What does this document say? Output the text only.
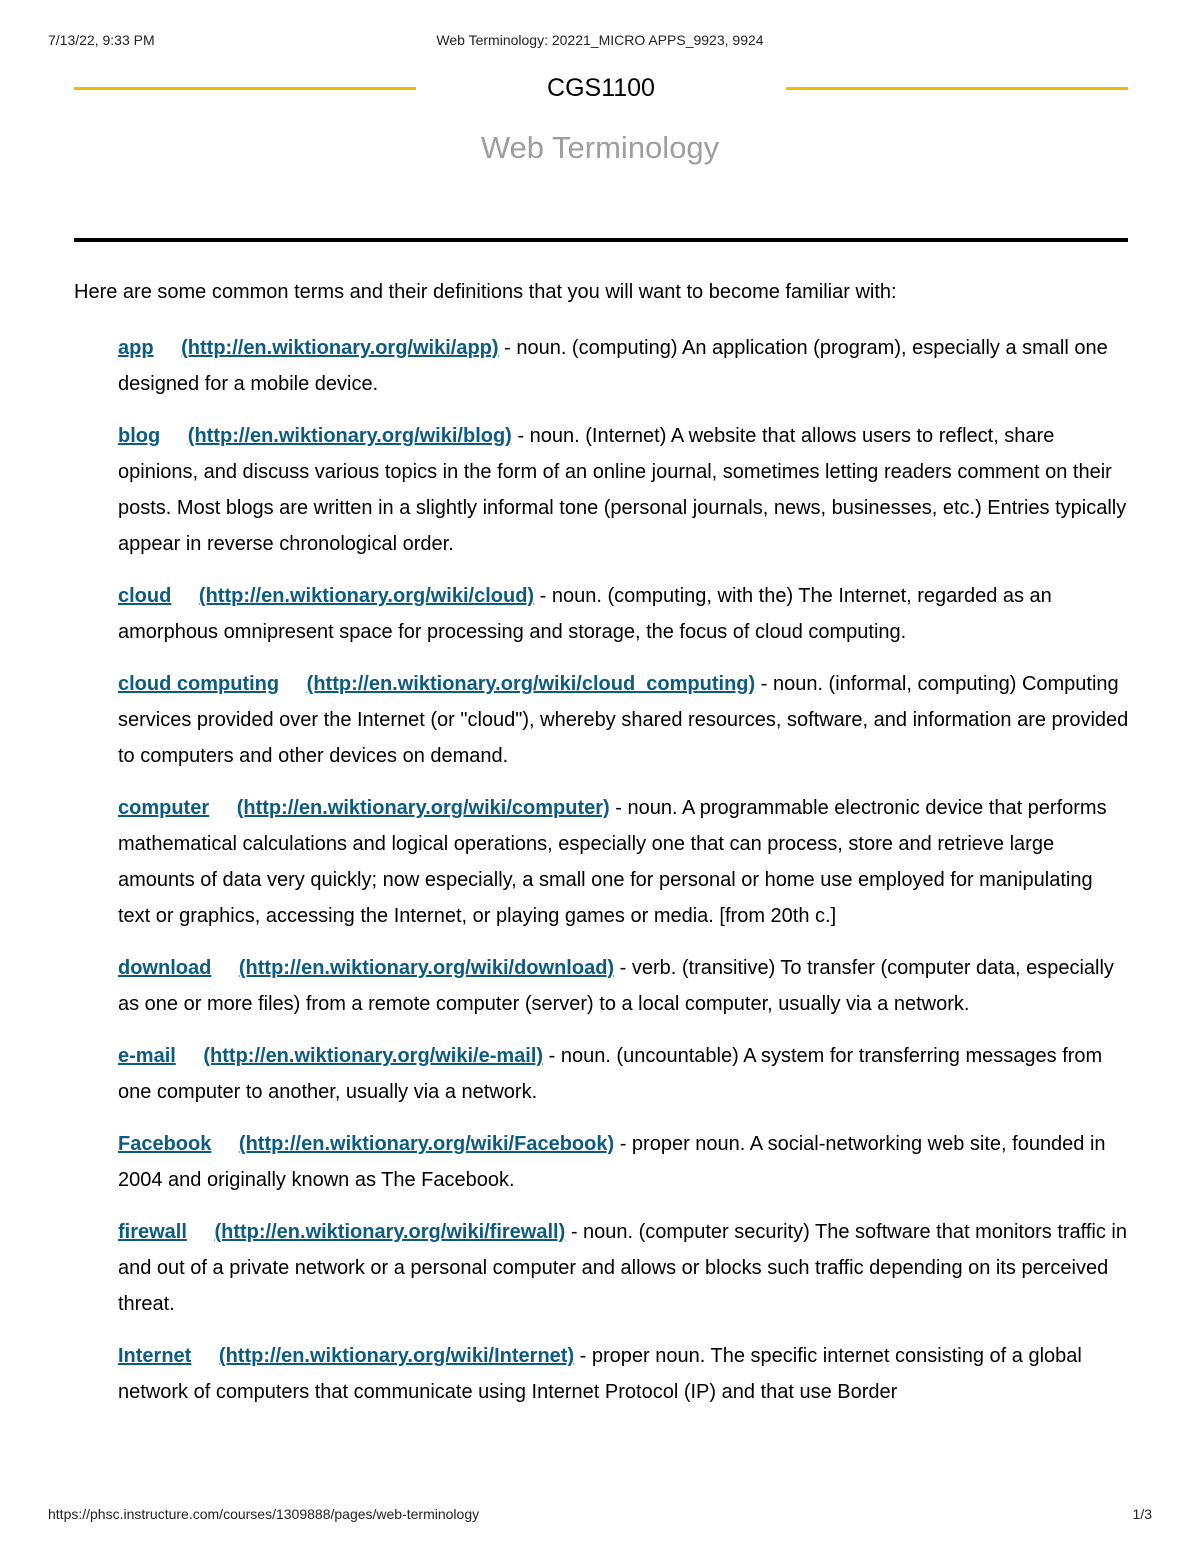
7/13/22, 9:33 PM	Web Terminology: 20221_MICRO APPS_9923, 9924
CGS1100
Web Terminology
Here are some common terms and their definitions that you will want to become familiar with:
app (http://en.wiktionary.org/wiki/app) - noun. (computing) An application (program), especially a small one designed for a mobile device.
blog (http://en.wiktionary.org/wiki/blog) - noun. (Internet) A website that allows users to reflect, share opinions, and discuss various topics in the form of an online journal, sometimes letting readers comment on their posts. Most blogs are written in a slightly informal tone (personal journals, news, businesses, etc.) Entries typically appear in reverse chronological order.
cloud (http://en.wiktionary.org/wiki/cloud) - noun. (computing, with the) The Internet, regarded as an amorphous omnipresent space for processing and storage, the focus of cloud computing.
cloud computing (http://en.wiktionary.org/wiki/cloud_computing) - noun. (informal, computing) Computing services provided over the Internet (or "cloud"), whereby shared resources, software, and information are provided to computers and other devices on demand.
computer (http://en.wiktionary.org/wiki/computer) - noun. A programmable electronic device that performs mathematical calculations and logical operations, especially one that can process, store and retrieve large amounts of data very quickly; now especially, a small one for personal or home use employed for manipulating text or graphics, accessing the Internet, or playing games or media. [from 20th c.]
download (http://en.wiktionary.org/wiki/download) - verb. (transitive) To transfer (computer data, especially as one or more files) from a remote computer (server) to a local computer, usually via a network.
e-mail (http://en.wiktionary.org/wiki/e-mail) - noun. (uncountable) A system for transferring messages from one computer to another, usually via a network.
Facebook (http://en.wiktionary.org/wiki/Facebook) - proper noun. A social-networking web site, founded in 2004 and originally known as The Facebook.
firewall (http://en.wiktionary.org/wiki/firewall) - noun. (computer security) The software that monitors traffic in and out of a private network or a personal computer and allows or blocks such traffic depending on its perceived threat.
Internet (http://en.wiktionary.org/wiki/Internet) - proper noun. The specific internet consisting of a global network of computers that communicate using Internet Protocol (IP) and that use Border
https://phsc.instructure.com/courses/1309888/pages/web-terminology	1/3
